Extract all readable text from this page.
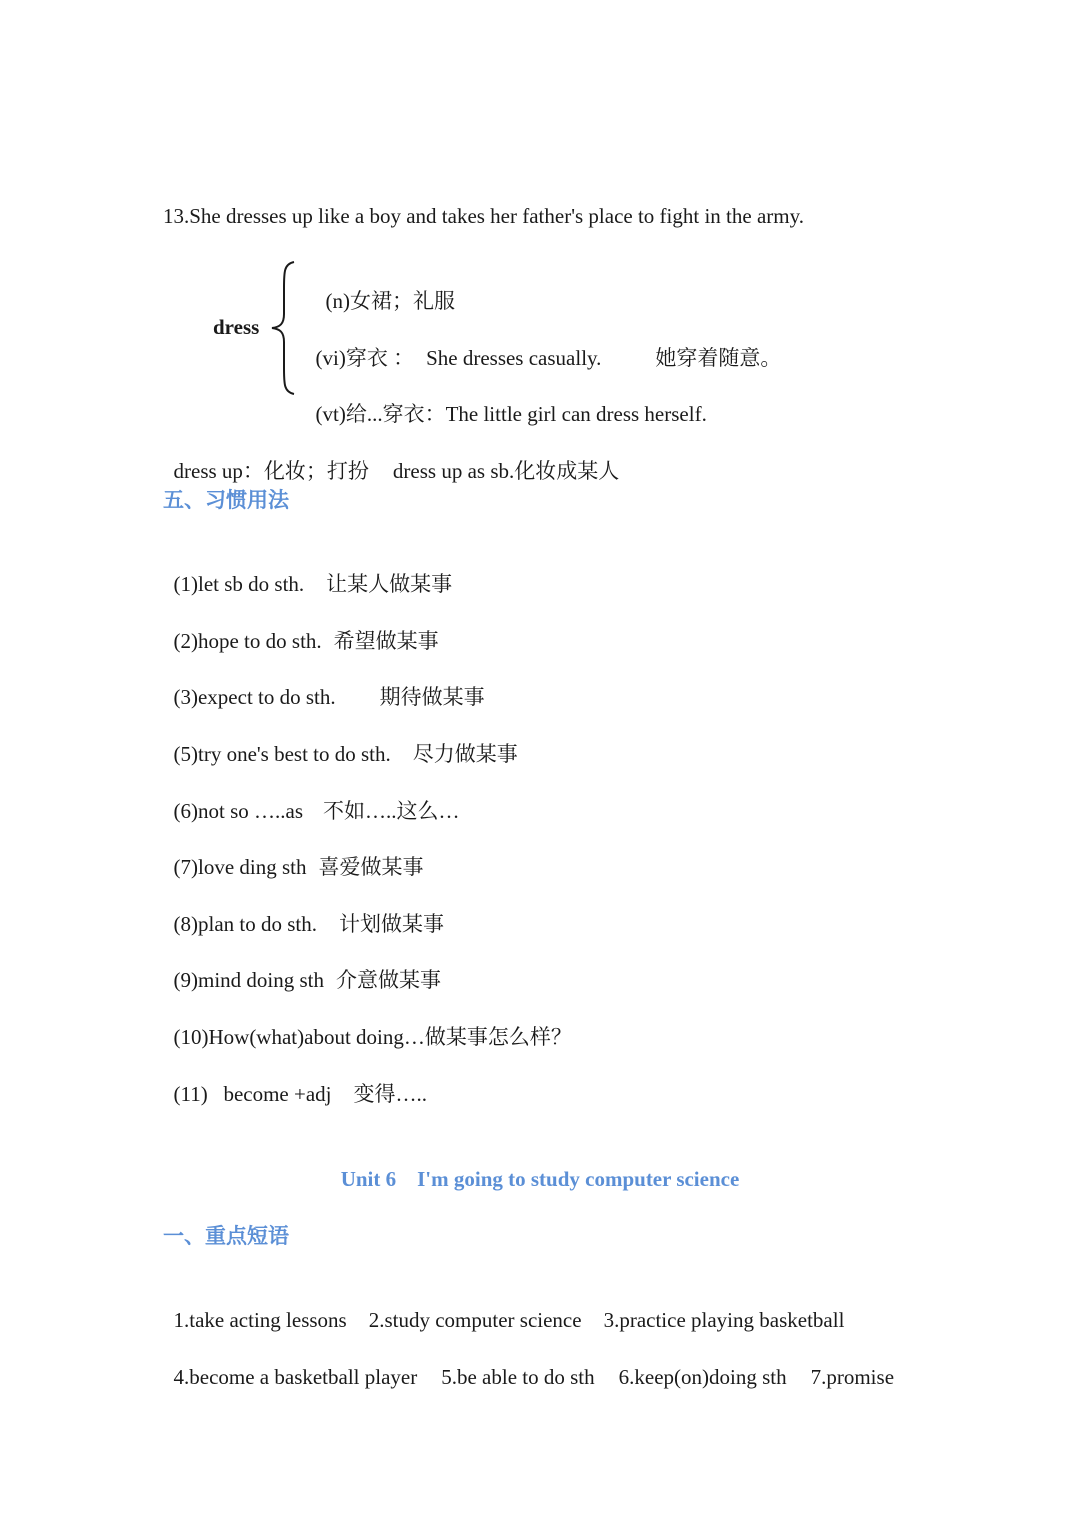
13.She dresses up like a boy and takes her father's place to fight in the army.
dress

(n)女裙；礼服

(vi)穿衣 ： She dresses casually.	她穿着随意。

(vt)给...穿衣：The little girl can dress herself.

dress up：化妆；打扮 dress up as sb.化妆成某人

五、习惯用法

(1)let sb do sth. 让某人做某事

(2)hope to do sth. 希望做某事

(3)expect to do sth. 期待做某事

(5)try one's best to do sth. 尽力做某事

(6)not so …..as 不如…..这么…

(7)love ding sth 喜爱做某事

(8)plan to do sth. 计划做某事

(9)mind doing sth 介意做某事

(10)How(what)about doing…做某事怎么样？

(11)   become +adj 变得…..

Unit 6    I'm going to study computer science
一、重点短语

1.take acting lessons 2.study computer science 3.practice playing basketball

4.become a basketball player 5.be able to do sth 6.keep(on)doing sth 7.promise
